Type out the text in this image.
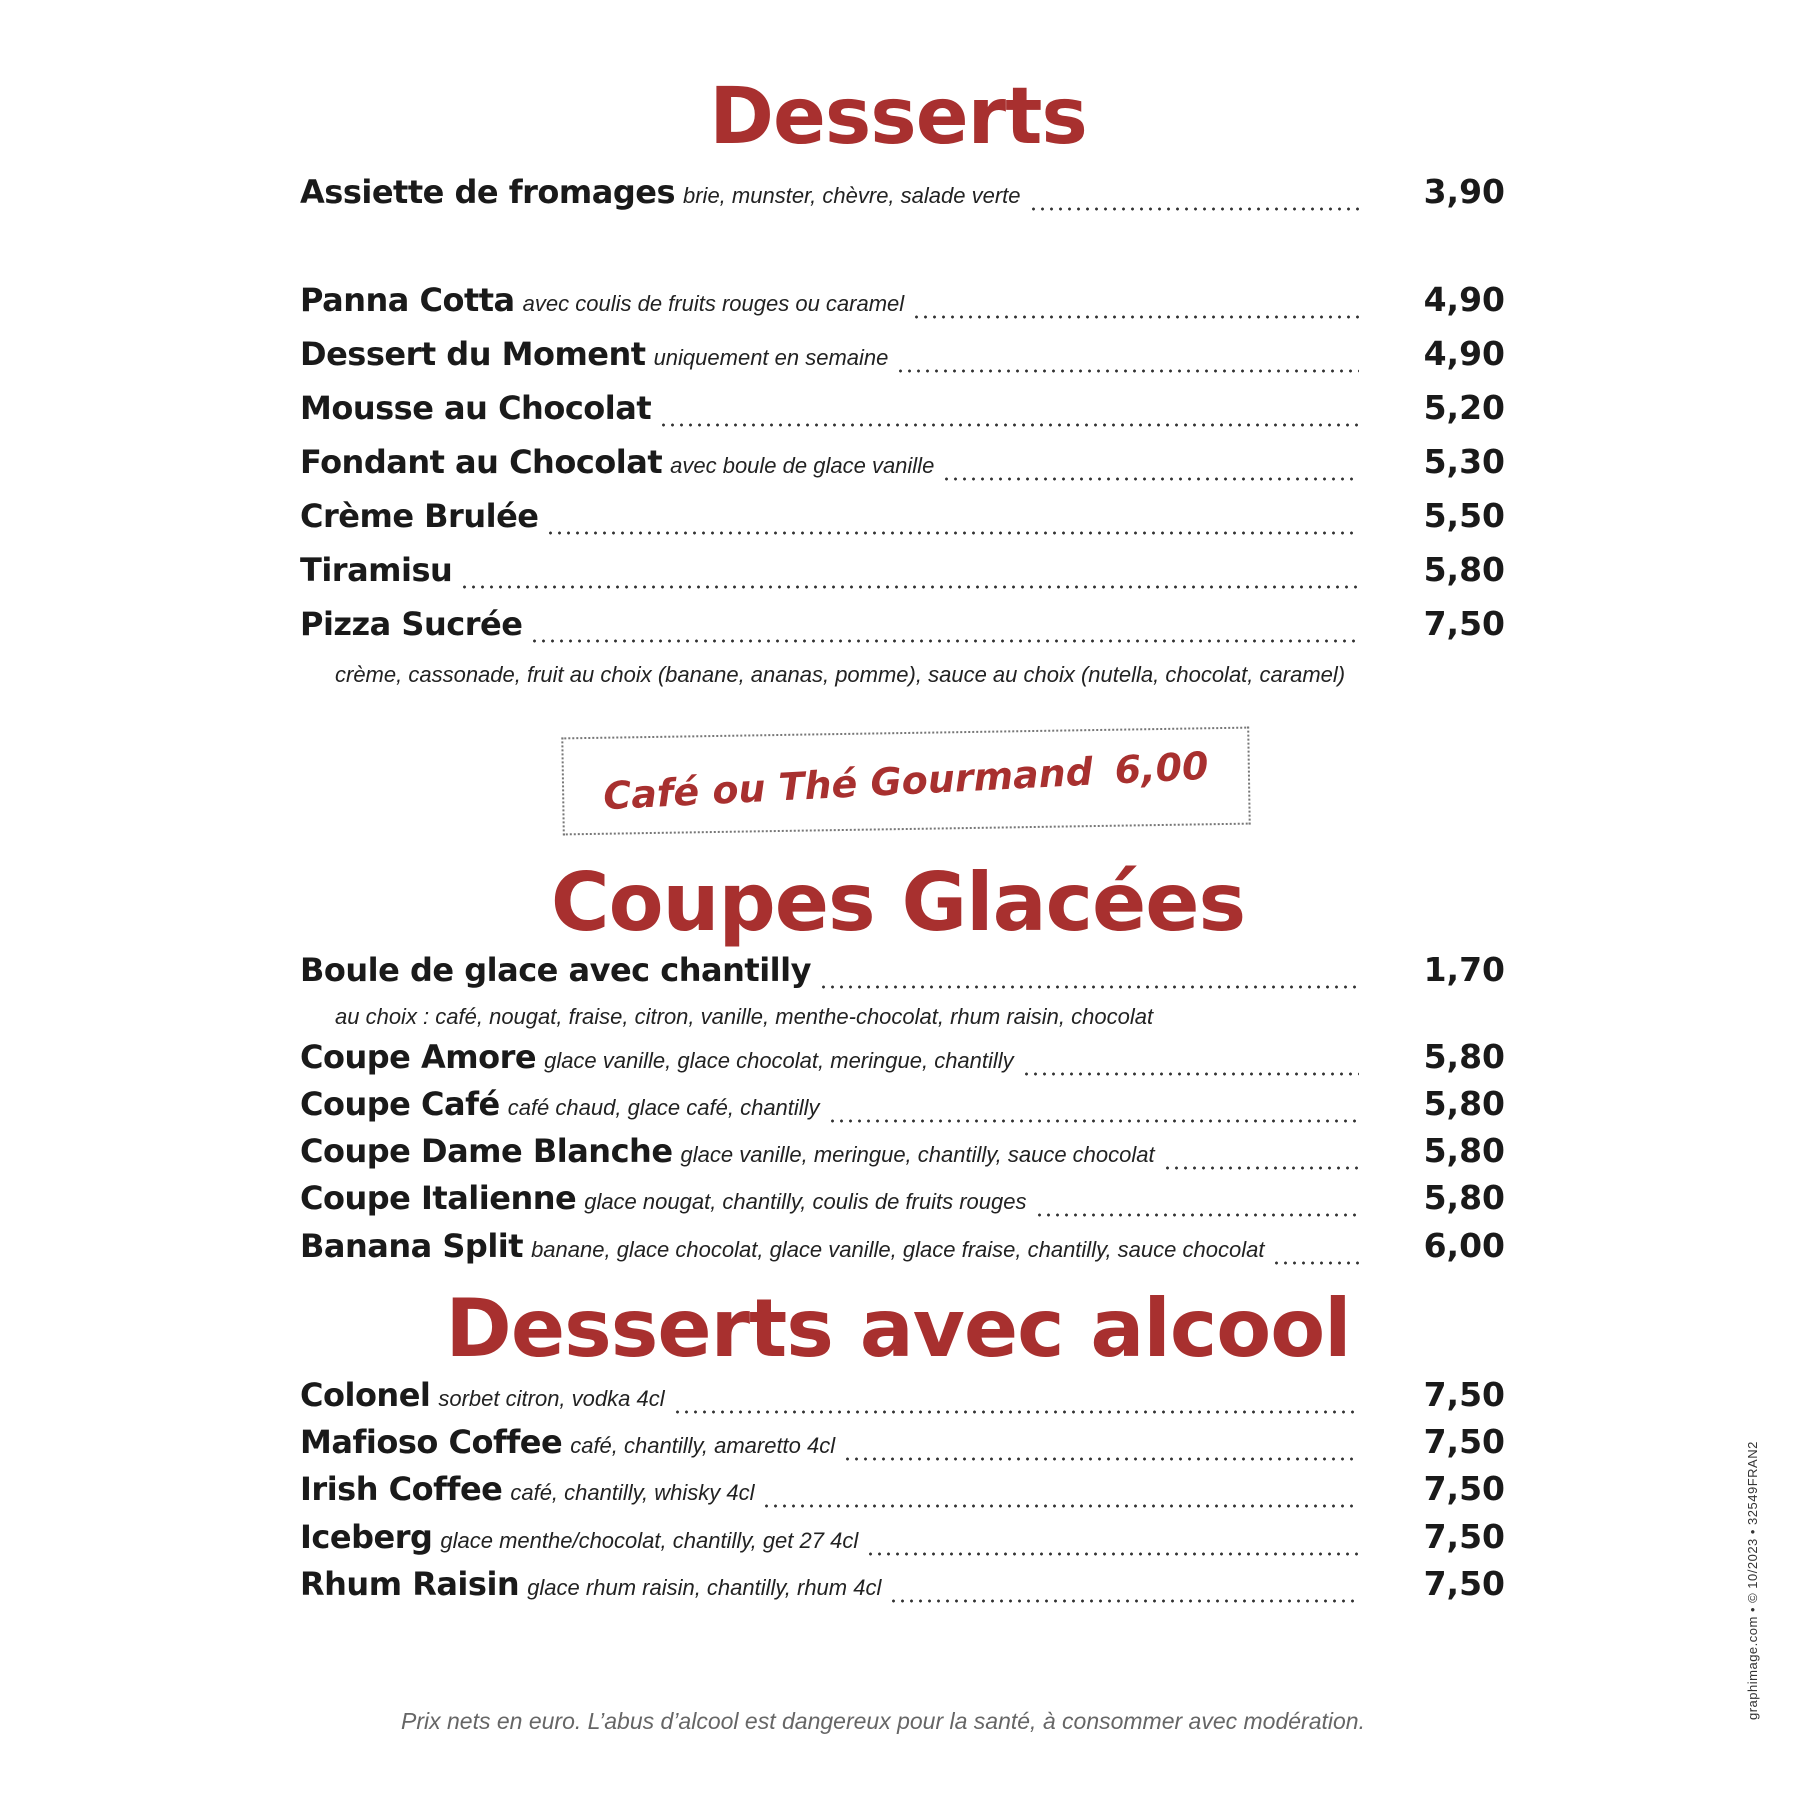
Desserts
Assiette de fromages brie, munster, chèvre, salade verte	3,90
Panna Cotta avec coulis de fruits rouges ou caramel	4,90
Dessert du Moment uniquement en semaine	4,90
Mousse au Chocolat	5,20
Fondant au Chocolat avec boule de glace vanille	5,30
Crème Brulée	5,50
Tiramisu	5,80
Pizza Sucrée	7,50
crème, cassonade, fruit au choix (banane, ananas, pomme), sauce au choix (nutella, chocolat, caramel)
Café ou Thé Gourmand 6,00
Coupes Glacées
Boule de glace avec chantilly	1,70
au choix : café, nougat, fraise, citron, vanille, menthe-chocolat, rhum raisin, chocolat
Coupe Amore glace vanille, glace chocolat, meringue, chantilly	5,80
Coupe Café café chaud, glace café, chantilly	5,80
Coupe Dame Blanche glace vanille, meringue, chantilly, sauce chocolat	5,80
Coupe Italienne glace nougat, chantilly, coulis de fruits rouges	5,80
Banana Split banane, glace chocolat, glace vanille, glace fraise, chantilly, sauce chocolat	6,00
Desserts avec alcool
Colonel sorbet citron, vodka 4cl	7,50
Mafioso Coffee café, chantilly, amaretto 4cl	7,50
Irish Coffee café, chantilly, whisky 4cl	7,50
Iceberg glace menthe/chocolat, chantilly, get 27 4cl	7,50
Rhum Raisin glace rhum raisin, chantilly, rhum 4cl	7,50
Prix nets en euro. L’abus d’alcool est dangereux pour la santé, à consommer avec modération.
graphimage.com • © 10/2023 • 32549FRAN2
